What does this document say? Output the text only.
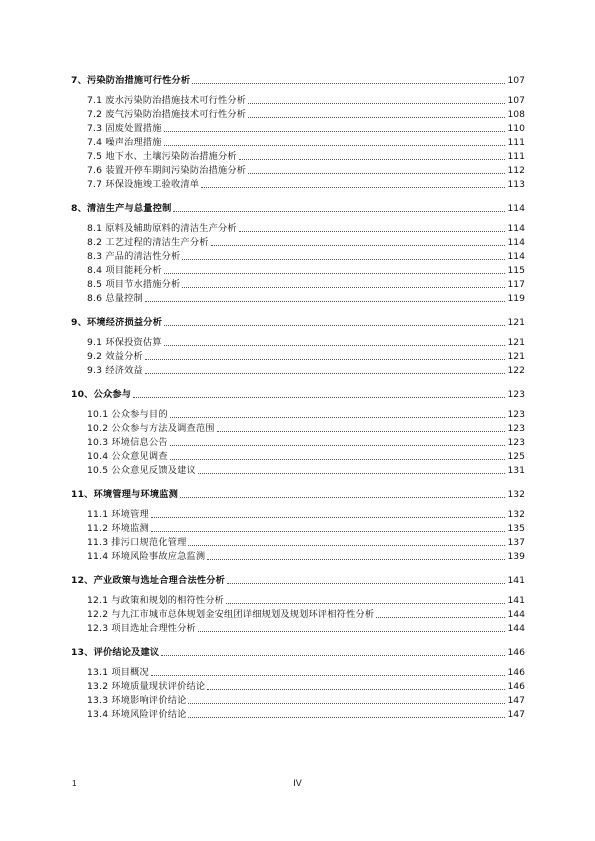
7、污染防治措施可行性分析	107
7.1 废水污染防治措施技术可行性分析	107
7.2 废气污染防治措施技术可行性分析	108
7.3 固废处置措施	110
7.4 噪声治理措施	111
7.5 地下水、土壤污染防治措施分析	111
7.6 装置开停车期间污染防治措施分析	112
7.7 环保设施竣工验收清单	113
8、清洁生产与总量控制	114
8.1 原料及辅助原料的清洁生产分析	114
8.2 工艺过程的清洁生产分析	114
8.3 产品的清洁性分析	114
8.4 项目能耗分析	115
8.5 项目节水措施分析	117
8.6 总量控制	119
9、环境经济损益分析	121
9.1 环保投资估算	121
9.2 效益分析	121
9.3 经济效益	122
10、公众参与	123
10.1 公众参与目的	123
10.2 公众参与方法及调查范围	123
10.3 环境信息公告	123
10.4 公众意见调查	125
10.5 公众意见反馈及建议	131
11、环境管理与环境监测	132
11.1 环境管理	132
11.2 环境监测	135
11.3 排污口规范化管理	137
11.4 环境风险事故应急监测	139
12、产业政策与选址合理合法性分析	141
12.1 与政策和规划的相符性分析	141
12.2 与九江市城市总体规划金安组团详细规划及规划环评相符性分析	144
12.3 项目选址合理性分析	144
13、评价结论及建议	146
13.1 项目概况	146
13.2 环境质量现状评价结论	146
13.3 环境影响评价结论	147
13.4 环境风险评价结论	147
1	IV
